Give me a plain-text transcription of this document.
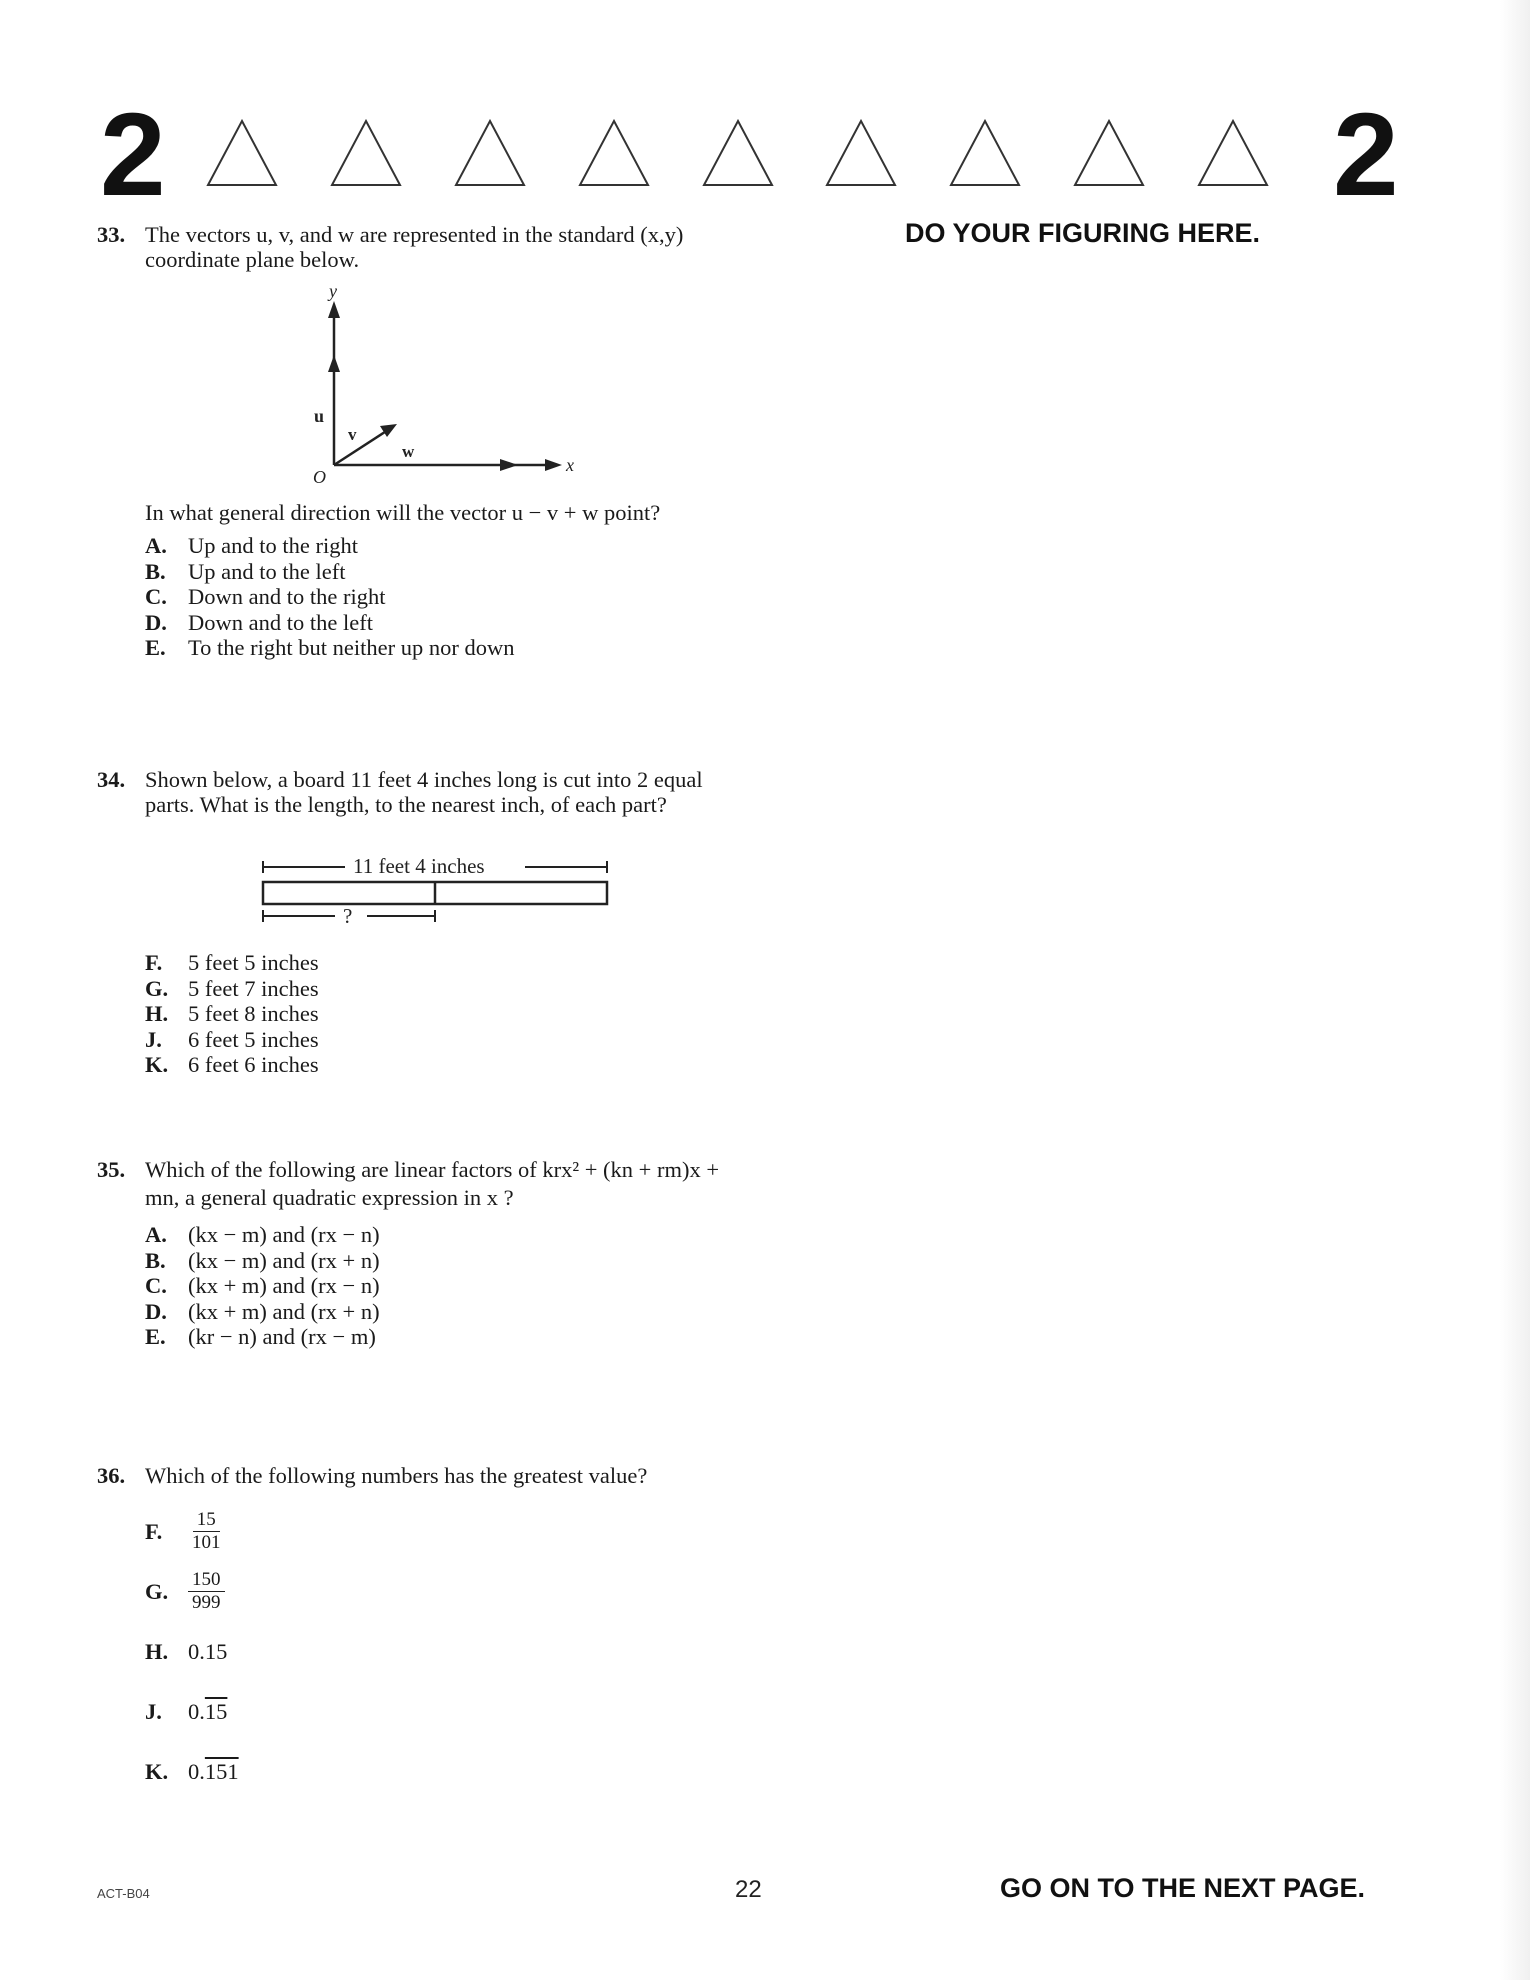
2	2
DO YOUR FIGURING HERE.
33. The vectors u, v, and w are represented in the standard (x,y) coordinate plane below.
y
x
O
u
v
w
In what general direction will the vector u − v + w point?
A. Up and to the right
B. Up and to the left
C. Down and to the right
D. Down and to the left
E. To the right but neither up nor down
34. Shown below, a board 11 feet 4 inches long is cut into 2 equal parts. What is the length, to the nearest inch, of each part?
11 feet 4 inches
?
F.	5 feet 5 inches
G. 5 feet 7 inches
H. 5 feet 8 inches
J.	6 feet 5 inches
K. 6 feet 6 inches
35. Which of the following are linear factors of krx² + (kn + rm)x + mn, a general quadratic expression in x ?
A. (kx − m) and (rx − n)
B. (kx − m) and (rx + n)
C. (kx + m) and (rx − n)
D. (kx + m) and (rx + n)
E. (kr − n) and (rx − m)
36. Which of the following numbers has the greatest value?
F.	$\frac{15}{101}$
G.	$\frac{150}{999}$
H. 0.15
J.	0.15
K. 0.151
ACT-B04	22	GO ON TO THE NEXT PAGE.
